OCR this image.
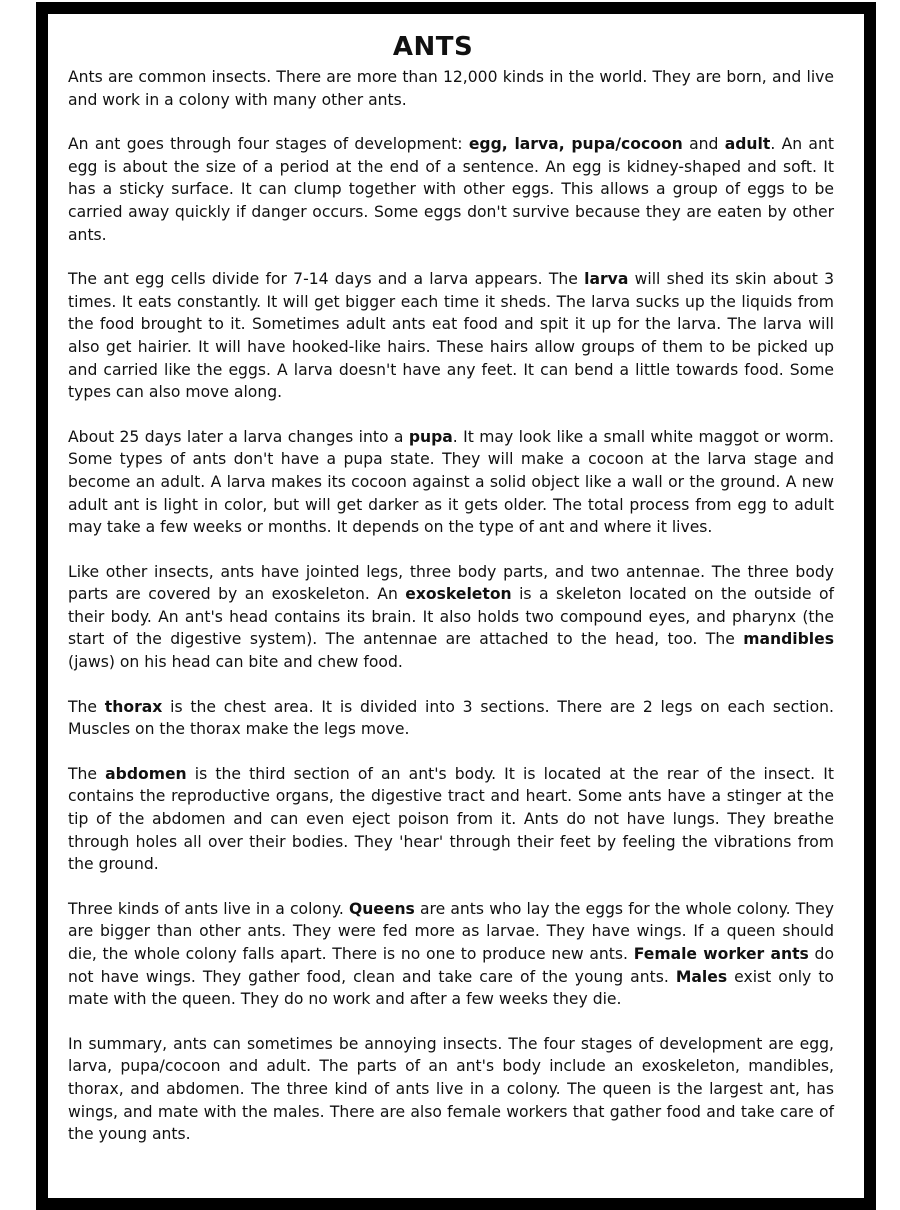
ANTS

Ants are common insects. There are more than 12,000 kinds in the world. They are born, and live and work in a colony with many other ants.

An ant goes through four stages of development: egg, larva, pupa/cocoon and adult. An ant egg is about the size of a period at the end of a sentence. An egg is kidney-shaped and soft. It has a sticky surface. It can clump together with other eggs. This allows a group of eggs to be carried away quickly if danger occurs. Some eggs don't survive because they are eaten by other ants.

The ant egg cells divide for 7-14 days and a larva appears. The larva will shed its skin about 3 times. It eats constantly. It will get bigger each time it sheds. The larva sucks up the liquids from the food brought to it. Sometimes adult ants eat food and spit it up for the larva. The larva will also get hairier. It will have hooked-like hairs. These hairs allow groups of them to be picked up and carried like the eggs. A larva doesn't have any feet. It can bend a little towards food. Some types can also move along.

About 25 days later a larva changes into a pupa. It may look like a small white maggot or worm. Some types of ants don't have a pupa state. They will make a cocoon at the larva stage and become an adult. A larva makes its cocoon against a solid object like a wall or the ground. A new adult ant is light in color, but will get darker as it gets older. The total process from egg to adult may take a few weeks or months. It depends on the type of ant and where it lives.

Like other insects, ants have jointed legs, three body parts, and two antennae. The three body parts are covered by an exoskeleton. An exoskeleton is a skeleton located on the outside of their body. An ant's head contains its brain. It also holds two compound eyes, and pharynx (the start of the digestive system). The antennae are attached to the head, too. The mandibles (jaws) on his head can bite and chew food.

The thorax is the chest area. It is divided into 3 sections. There are 2 legs on each section. Muscles on the thorax make the legs move.

The abdomen is the third section of an ant's body. It is located at the rear of the insect. It contains the reproductive organs, the digestive tract and heart. Some ants have a stinger at the tip of the abdomen and can even eject poison from it. Ants do not have lungs. They breathe through holes all over their bodies. They 'hear' through their feet by feeling the vibrations from the ground.

Three kinds of ants live in a colony. Queens are ants who lay the eggs for the whole colony. They are bigger than other ants. They were fed more as larvae. They have wings. If a queen should die, the whole colony falls apart. There is no one to produce new ants. Female worker ants do not have wings. They gather food, clean and take care of the young ants. Males exist only to mate with the queen. They do no work and after a few weeks they die.

In summary, ants can sometimes be annoying insects. The four stages of development are egg, larva, pupa/cocoon and adult. The parts of an ant's body include an exoskeleton, mandibles, thorax, and abdomen. The three kind of ants live in a colony. The queen is the largest ant, has wings, and mate with the males. There are also female workers that gather food and take care of the young ants.
